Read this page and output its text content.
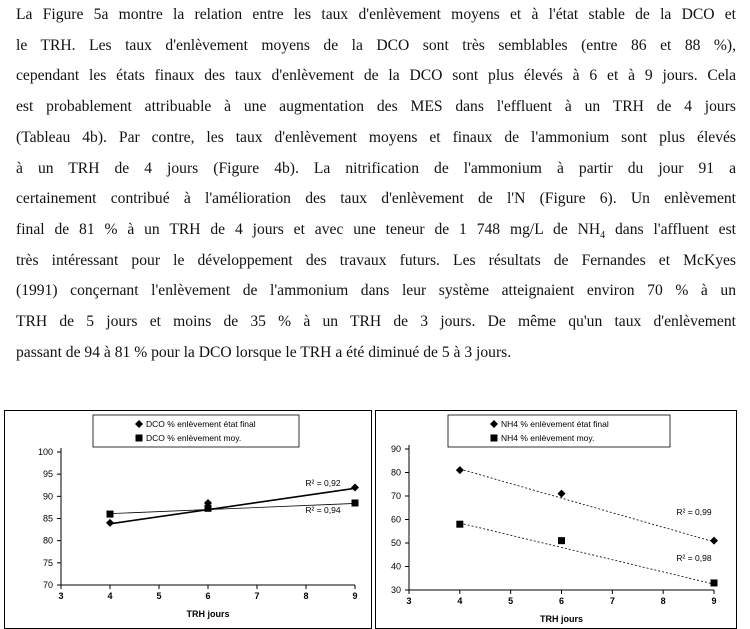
La Figure 5a montre la relation entre les taux d'enlèvement moyens et à l'état stable de la DCO et
le TRH. Les taux d'enlèvement moyens de la DCO sont très semblables (entre 86 et 88 %),
cependant les états finaux des taux d'enlèvement de la DCO sont plus élevés à 6 et à 9 jours. Cela
est probablement attribuable à une augmentation des MES dans l'effluent à un TRH de 4 jours
(Tableau 4b). Par contre, les taux d'enlèvement moyens et finaux de l'ammonium sont plus élevés
à un TRH de 4 jours (Figure 4b). La nitrification de l'ammonium à partir du jour 91 a
certainement contribué à l'amélioration des taux d'enlèvement de l'N (Figure 6). Un enlèvement
final de 81 % à un TRH de 4 jours et avec une teneur de 1 748 mg/L de $NH_4$ dans l'affluent est
très intéressant pour le développement des travaux futurs. Les résultats de Fernandes et McKyes
(1991) conçernant l'enlèvement de l'ammonium dans leur système atteignaient environ 70 % à un
TRH de 5 jours et moins de 35 % à un TRH de 3 jours. De même qu'un taux d'enlèvement
passant de 94 à 81 % pour la DCO lorsque le TRH a été diminué de 5 à 3 jours.
3	4	5	6	7	8	9
70
75
80
85
90
95
100
TRH jours
R² = 0,92
R² = 0,94
DCO % enlèvement état final
DCO % enlèvement moy.
3	4	5	6	7	8	9
30
40
50
60
70
80
90
TRH jours
R² = 0,99
R² = 0,98
NH4 % enlèvement état final
NH4 % enlèvement moy.
